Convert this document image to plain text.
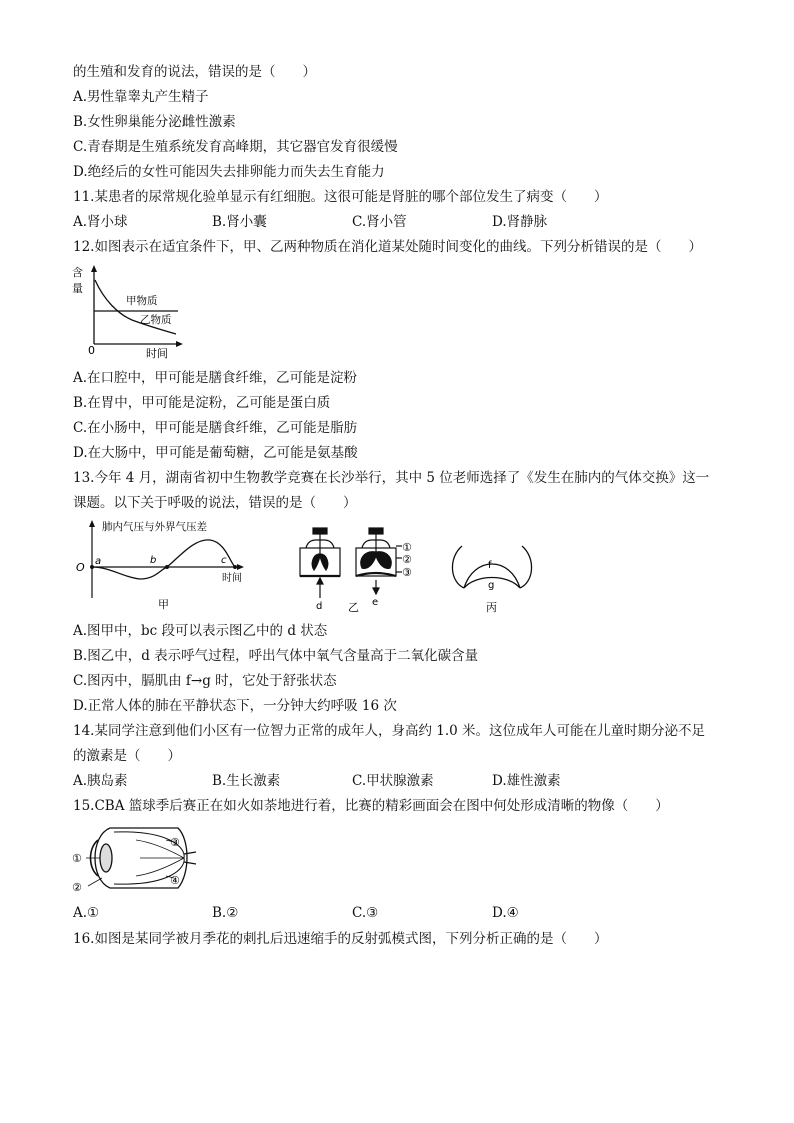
的生殖和发育的说法，错误的是（　　）
A.男性靠睾丸产生精子
B.女性卵巢能分泌雌性激素
C.青春期是生殖系统发育高峰期，其它器官发育很缓慢
D.绝经后的女性可能因失去排卵能力而失去生育能力
11.某患者的尿常规化验单显示有红细胞。这很可能是肾脏的哪个部位发生了病变（　　）
A.肾小球	B.肾小囊	C.肾小管	D.肾静脉
12.如图表示在适宜条件下，甲、乙两种物质在消化道某处随时间变化的曲线。下列分析错误的是（　　）
含
量
甲物质
乙物质
0	时间
A.在口腔中，甲可能是膳食纤维，乙可能是淀粉
B.在胃中，甲可能是淀粉，乙可能是蛋白质
C.在小肠中，甲可能是膳食纤维，乙可能是脂肪
D.在大肠中，甲可能是葡萄糖，乙可能是氨基酸
13.今年 4 月，湖南省初中生物教学竞赛在长沙举行，其中 5 位老师选择了《发生在肺内的气体交换》这一
课题。以下关于呼吸的说法，错误的是（　　）
肺内气压与外界气压差
O a	b	c
时间
甲	d	e
①
②
③
乙
f
g
丙
A.图甲中，bc 段可以表示图乙中的 d 状态
B.图乙中，d 表示呼气过程，呼出气体中氧气含量高于二氧化碳含量
C.图丙中，膈肌由 f→g 时，它处于舒张状态
D.正常人体的肺在平静状态下，一分钟大约呼吸 16 次
14.某同学注意到他们小区有一位智力正常的成年人，身高约 1.0 米。这位成年人可能在儿童时期分泌不足
的激素是（　　）
A.胰岛素	B.生长激素	C.甲状腺激素	D.雄性激素
15.CBA 篮球季后赛正在如火如荼地进行着，比赛的精彩画面会在图中何处形成清晰的物像（　　）
①
②
③
④
A.①	B.②	C.③	D.④
16.如图是某同学被月季花的刺扎后迅速缩手的反射弧模式图，下列分析正确的是（　　）
